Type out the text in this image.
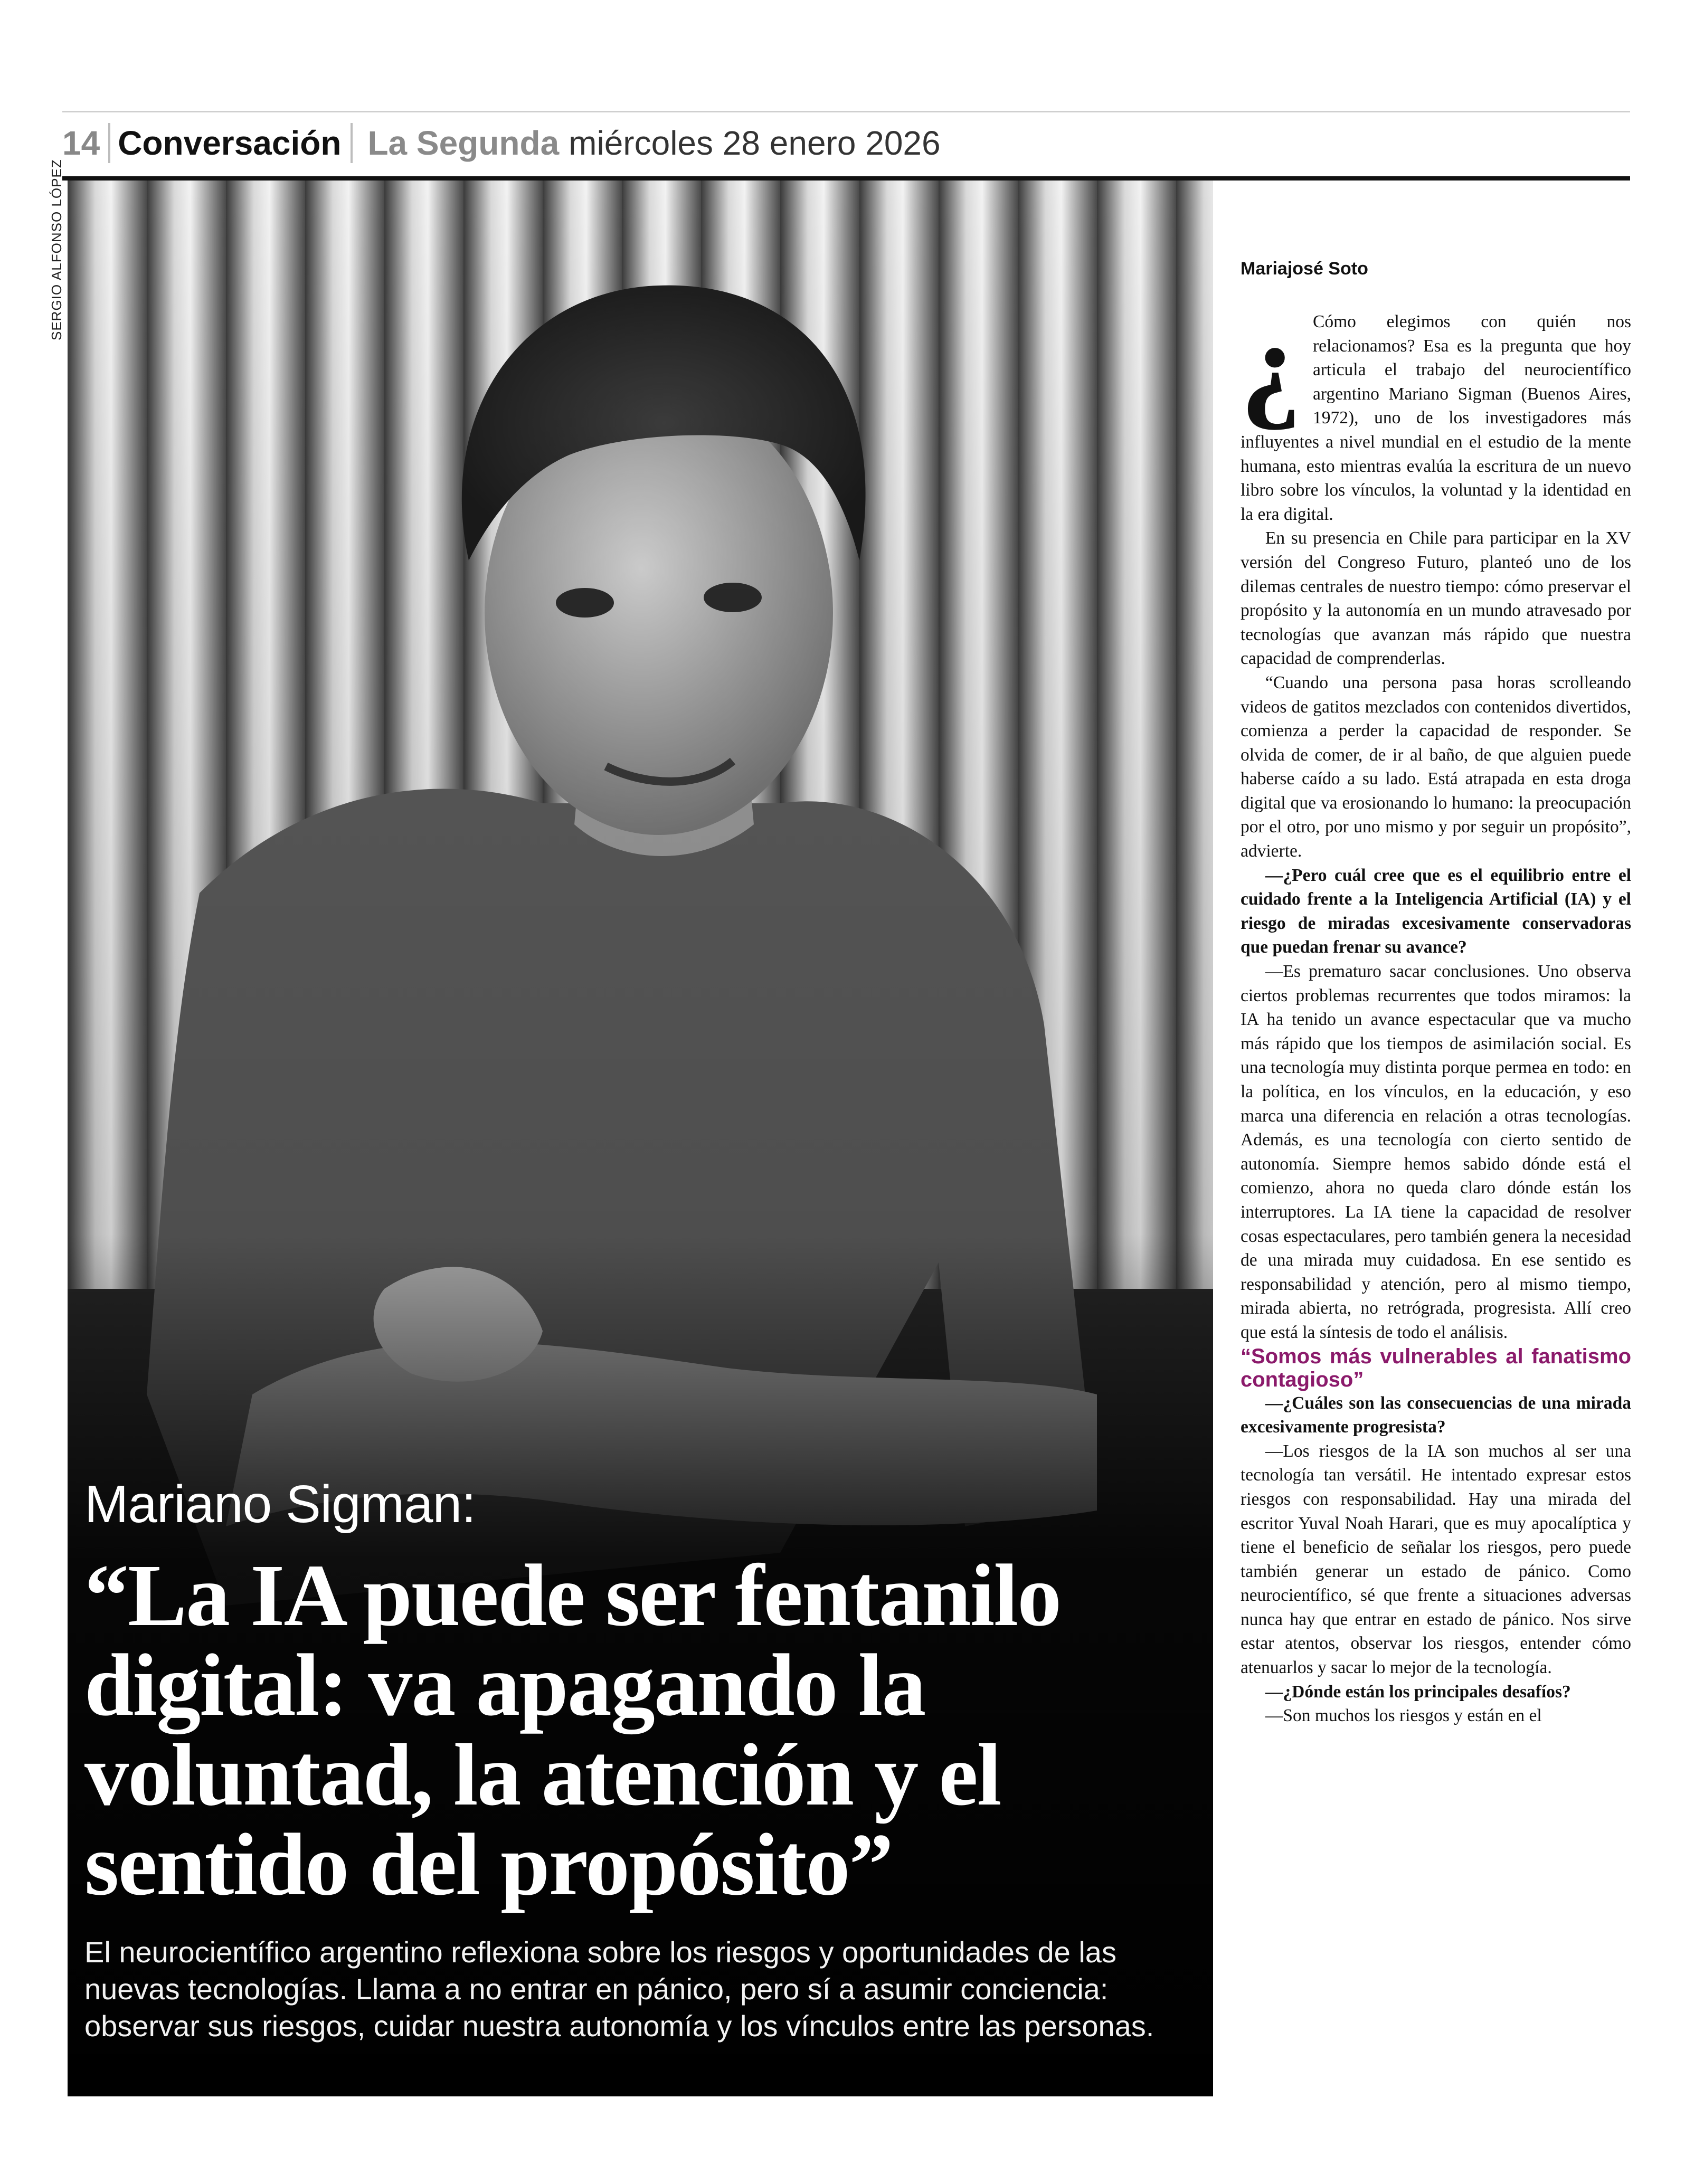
14 Conversación La Segunda miércoles 28 enero 2026
SERGIO ALFONSO LÓPEZ
Mariano Sigman:
“La IA puede ser fentanilo digital: va apagando la voluntad, la atención y el sentido del propósito”

El neurocientífico argentino reflexiona sobre los riesgos y oportunidades de las nuevas tecnologías. Llama a no entrar en pánico, pero sí a asumir conciencia: observar sus riesgos, cuidar nuestra autonomía y los vínculos entre las personas.

Mariajosé Soto

¿ Cómo elegimos con quién nos relacionamos? Esa es la pregunta que hoy articula el trabajo del neurocientífico argentino Mariano Sigman (Buenos Aires, 1972), uno de los investigadores más influyentes a nivel mundial en el estudio de la mente humana, esto mientras evalúa la escritura de un nuevo libro sobre los vínculos, la voluntad y la identidad en la era digital.

En su presencia en Chile para participar en la XV versión del Congreso Futuro, planteó uno de los dilemas centrales de nuestro tiempo: cómo preservar el propósito y la autonomía en un mundo atravesado por tecnologías que avanzan más rápido que nuestra capacidad de comprenderlas.

“Cuando una persona pasa horas scrolleando videos de gatitos mezclados con contenidos divertidos, comienza a perder la capacidad de responder. Se olvida de comer, de ir al baño, de que alguien puede haberse caído a su lado. Está atrapada en esta droga digital que va erosionando lo humano: la preocupación por el otro, por uno mismo y por seguir un propósito”, advierte.

—¿Pero cuál cree que es el equilibrio entre el cuidado frente a la Inteligencia Artificial (IA) y el riesgo de miradas excesivamente conservadoras que puedan frenar su avance?

—Es prematuro sacar conclusiones. Uno observa ciertos problemas recurrentes que todos miramos: la IA ha tenido un avance espectacular que va mucho más rápido que los tiempos de asimilación social. Es una tecnología muy distinta porque permea en todo: en la política, en los vínculos, en la educación, y eso marca una diferencia en relación a otras tecnologías. Además, es una tecnología con cierto sentido de autonomía. Siempre hemos sabido dónde está el comienzo, ahora no queda claro dónde están los interruptores. La IA tiene la capacidad de resolver cosas espectaculares, pero también genera la necesidad de una mirada muy cuidadosa. En ese sentido es responsabilidad y atención, pero al mismo tiempo, mirada abierta, no retrógrada, progresista. Allí creo que está la síntesis de todo el análisis.

“Somos más vulnerables al fanatismo contagioso”

—¿Cuáles son las consecuencias de una mirada excesivamente progresista?

—Los riesgos de la IA son muchos al ser una tecnología tan versátil. He intentado expresar estos riesgos con responsabilidad. Hay una mirada del escritor Yuval Noah Harari, que es muy apocalíptica y tiene el beneficio de señalar los riesgos, pero puede también generar un estado de pánico. Como neurocientífico, sé que frente a situaciones adversas nunca hay que entrar en estado de pánico. Nos sirve estar atentos, observar los riesgos, entender cómo atenuarlos y sacar lo mejor de la tecnología.

—¿Dónde están los principales desafíos?

—Son muchos los riesgos y están en el
